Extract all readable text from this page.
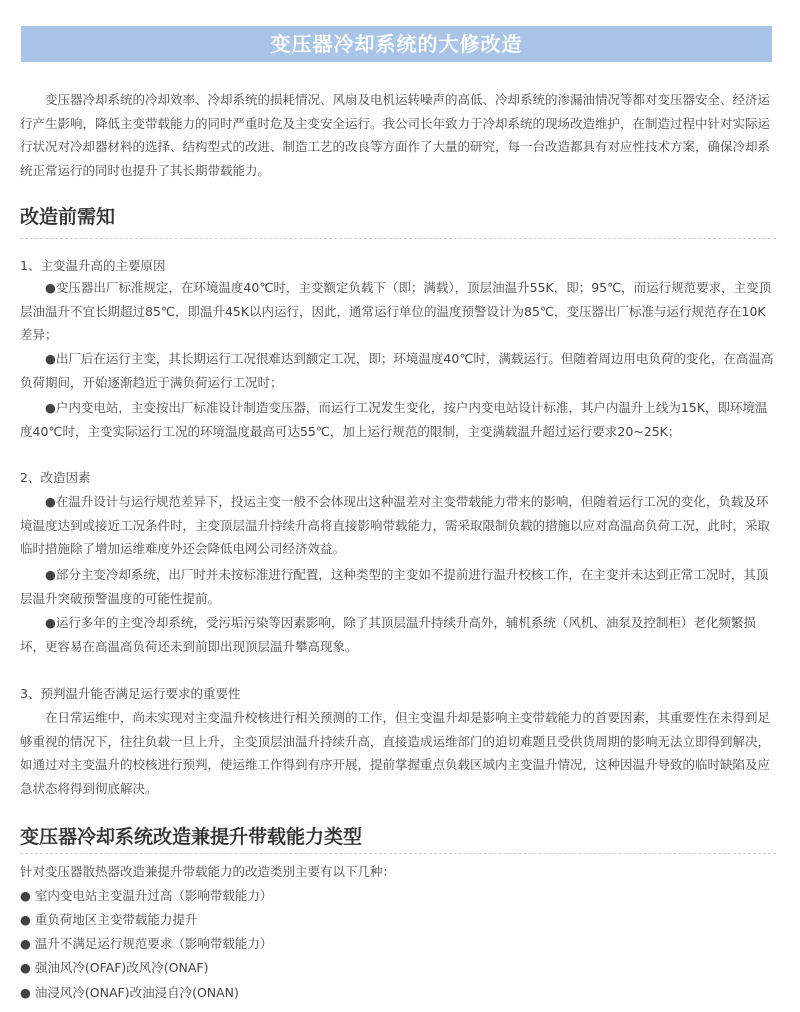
变压器冷却系统的大修改造

变压器冷却系统的冷却效率、冷却系统的损耗情况、风扇及电机运转噪声的高低、冷却系统的渗漏油情况等都对变压器安全、经济运行产生影响，降低主变带载能力的同时严重时危及主变安全运行。我公司长年致力于冷却系统的现场改造维护，在制造过程中针对实际运行状况对冷却器材料的选择、结构型式的改进、制造工艺的改良等方面作了大量的研究，每一台改造都具有对应性技术方案，确保冷却系统正常运行的同时也提升了其长期带载能力。

改造前需知

1、主变温升高的主要原因

●变压器出厂标准规定，在环境温度40℃时，主变额定负载下（即；满载），顶层油温升55K，即；95℃，而运行规范要求，主变顶层油温升不宜长期超过85℃，即温升45K以内运行，因此，通常运行单位的温度预警设计为85℃，变压器出厂标准与运行规范存在10K差异；

●出厂后在运行主变，其长期运行工况很难达到额定工况，即；环境温度40℃时，满载运行。但随着周边用电负荷的变化，在高温高负荷期间，开始逐渐趋近于满负荷运行工况时；

●户内变电站，主变按出厂标准设计制造变压器，而运行工况发生变化，按户内变电站设计标准，其户内温升上线为15K，即环境温度40℃时，主变实际运行工况的环境温度最高可达55℃，加上运行规范的限制，主变满载温升超过运行要求20~25K；

2、改造因素

●在温升设计与运行规范差异下，投运主变一般不会体现出这种温差对主变带载能力带来的影响，但随着运行工况的变化，负载及环境温度达到或接近工况条件时，主变顶层温升持续升高将直接影响带载能力，需采取限制负载的措施以应对高温高负荷工况，此时，采取临时措施除了增加运维难度外还会降低电网公司经济效益。

●部分主变冷却系统，出厂时并未按标准进行配置，这种类型的主变如不提前进行温升校核工作，在主变并未达到正常工况时，其顶层温升突破预警温度的可能性提前。

●运行多年的主变冷却系统，受污垢污染等因素影响，除了其顶层温升持续升高外，辅机系统（风机、油泵及控制柜）老化频繁损坏，更容易在高温高负荷还未到前即出现顶层温升攀高现象。

3、预判温升能否满足运行要求的重要性

在日常运维中，尚未实现对主变温升校核进行相关预测的工作，但主变温升却是影响主变带载能力的首要因素，其重要性在未得到足够重视的情况下，往往负载一旦上升，主变顶层油温升持续升高，直接造成运维部门的迫切难题且受供货周期的影响无法立即得到解决，如通过对主变温升的校核进行预判，使运维工作得到有序开展，提前掌握重点负载区域内主变温升情况，这种因温升导致的临时缺陷及应急状态将得到彻底解决。

变压器冷却系统改造兼提升带载能力类型

针对变压器散热器改造兼提升带载能力的改造类别主要有以下几种：

● 室内变电站主变温升过高（影响带载能力）

● 重负荷地区主变带载能力提升

● 温升不满足运行规范要求（影响带载能力）

● 强油风冷(OFAF)改风冷(ONAF)

● 油浸风冷(ONAF)改油浸自冷(ONAN)
